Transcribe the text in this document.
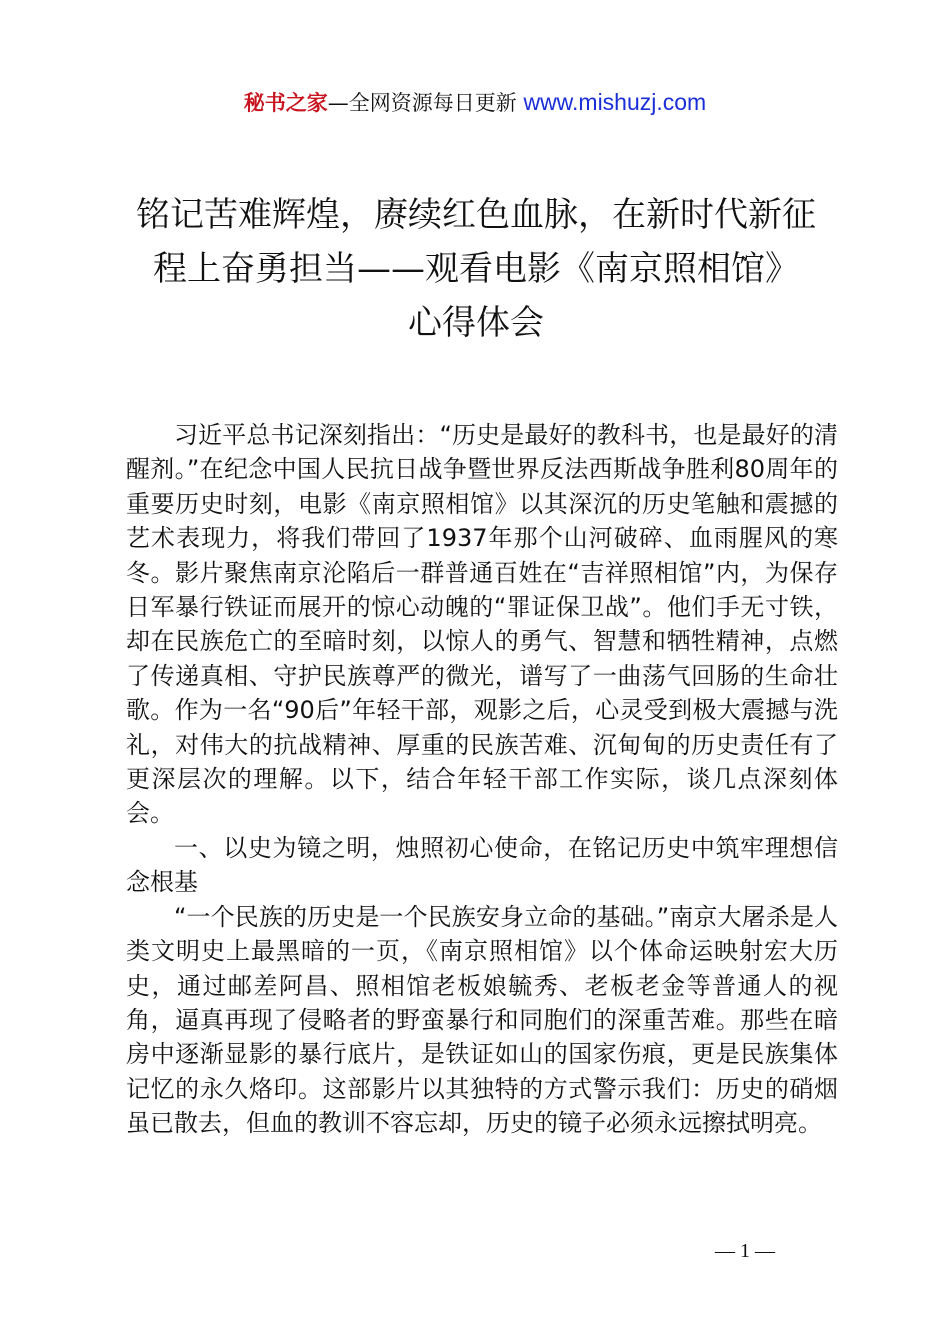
秘书之家—全网资源每日更新 www.mishuzj.com
铭记苦难辉煌，赓续红色血脉，在新时代新征
程上奋勇担当——观看电影《南京照相馆》
心得体会

习近平总书记深刻指出：“历史是最好的教科书，也是最好的清醒剂。”在纪念中国人民抗日战争暨世界反法西斯战争胜利80周年的重要历史时刻，电影《南京照相馆》以其深沉的历史笔触和震撼的艺术表现力，将我们带回了1937年那个山河破碎、血雨腥风的寒冬。影片聚焦南京沦陷后一群普通百姓在“吉祥照相馆”内，为保存日军暴行铁证而展开的惊心动魄的“罪证保卫战”。他们手无寸铁，却在民族危亡的至暗时刻，以惊人的勇气、智慧和牺牲精神，点燃了传递真相、守护民族尊严的微光，谱写了一曲荡气回肠的生命壮歌。作为一名“90后”年轻干部，观影之后，心灵受到极大震撼与洗礼，对伟大的抗战精神、厚重的民族苦难、沉甸甸的历史责任有了更深层次的理解。以下，结合年轻干部工作实际，谈几点深刻体会。

一、以史为镜之明，烛照初心使命，在铭记历史中筑牢理想信念根基

“一个民族的历史是一个民族安身立命的基础。”南京大屠杀是人类文明史上最黑暗的一页，《南京照相馆》以个体命运映射宏大历史，通过邮差阿昌、照相馆老板娘毓秀、老板老金等普通人的视角，逼真再现了侵略者的野蛮暴行和同胞们的深重苦难。那些在暗房中逐渐显影的暴行底片，是铁证如山的国家伤痕，更是民族集体记忆的永久烙印。这部影片以其独特的方式警示我们：历史的硝烟虽已散去，但血的教训不容忘却，历史的镜子必须永远擦拭明亮。

— 1 —
